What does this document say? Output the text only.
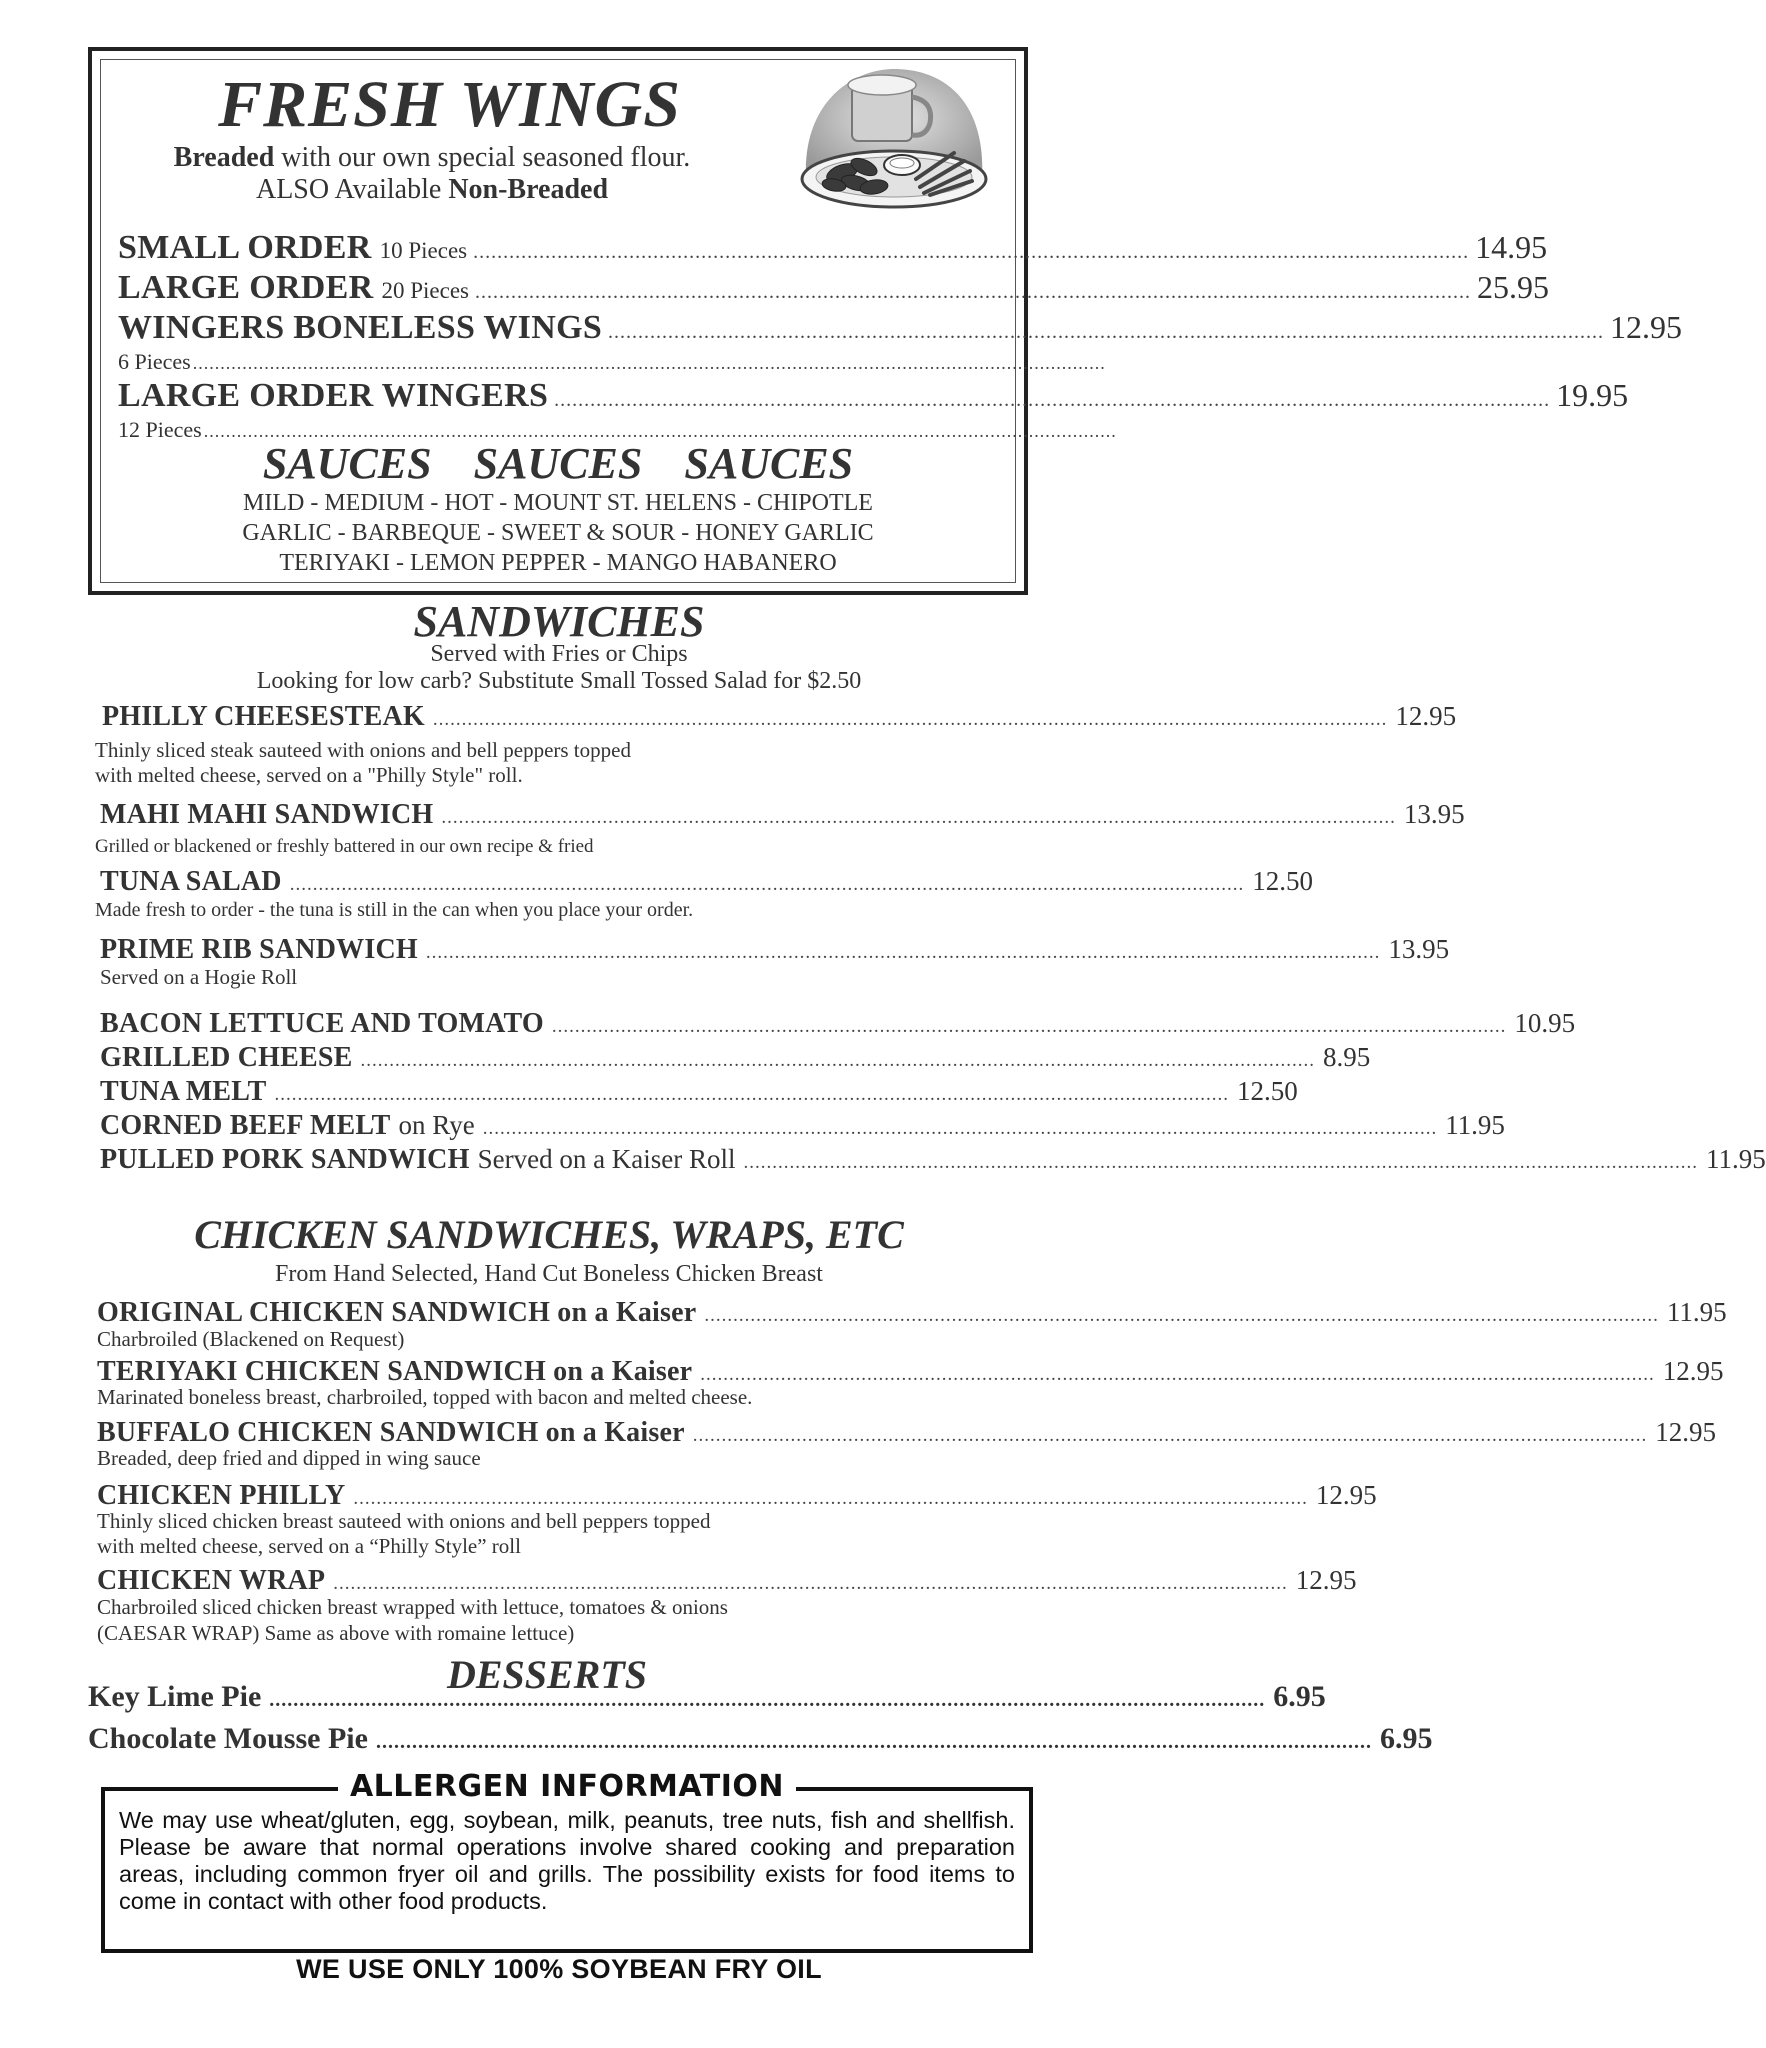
FRESH WINGS
Breaded with our own special seasoned flour.
ALSO Available Non-Breaded
SMALL ORDER 10 Pieces ...................................................................................................................................................................... 14.95
LARGE ORDER 20 Pieces ...................................................................................................................................................................... 25.95
WINGERS BONELESS WINGS ...................................................................................................................................................................... 12.95
6 Pieces ......................................................................................................................................................................
LARGE ORDER WINGERS ...................................................................................................................................................................... 19.95
12 Pieces ......................................................................................................................................................................
SAUCES SAUCES SAUCES
MILD - MEDIUM - HOT - MOUNT ST. HELENS - CHIPOTLE
GARLIC - BARBEQUE - SWEET & SOUR - HONEY GARLIC
TERIYAKI - LEMON PEPPER - MANGO HABANERO
SANDWICHES
Served with Fries or Chips
Looking for low carb? Substitute Small Tossed Salad for $2.50
PHILLY CHEESESTEAK ...................................................................................................................................................................... 12.95
Thinly sliced steak sauteed with onions and bell peppers topped
with melted cheese, served on a "Philly Style" roll.
MAHI MAHI SANDWICH ...................................................................................................................................................................... 13.95
Grilled or blackened or freshly battered in our own recipe & fried
TUNA SALAD ...................................................................................................................................................................... 12.50
Made fresh to order - the tuna is still in the can when you place your order.
PRIME RIB SANDWICH ...................................................................................................................................................................... 13.95
Served on a Hogie Roll
BACON LETTUCE AND TOMATO ...................................................................................................................................................................... 10.95
GRILLED CHEESE ...................................................................................................................................................................... 8.95
TUNA MELT ...................................................................................................................................................................... 12.50
CORNED BEEF MELT on Rye ...................................................................................................................................................................... 11.95
PULLED PORK SANDWICH Served on a Kaiser Roll ...................................................................................................................................................................... 11.95
CHICKEN SANDWICHES, WRAPS, ETC
From Hand Selected, Hand Cut Boneless Chicken Breast
ORIGINAL CHICKEN SANDWICH on a Kaiser ...................................................................................................................................................................... 11.95
Charbroiled (Blackened on Request)
TERIYAKI CHICKEN SANDWICH on a Kaiser ...................................................................................................................................................................... 12.95
Marinated boneless breast, charbroiled, topped with bacon and melted cheese.
BUFFALO CHICKEN SANDWICH on a Kaiser ...................................................................................................................................................................... 12.95
Breaded, deep fried and dipped in wing sauce
CHICKEN PHILLY ...................................................................................................................................................................... 12.95
Thinly sliced chicken breast sauteed with onions and bell peppers topped
with melted cheese, served on a “Philly Style” roll
CHICKEN WRAP ...................................................................................................................................................................... 12.95
Charbroiled sliced chicken breast wrapped with lettuce, tomatoes & onions
(CAESAR WRAP) Same as above with romaine lettuce)
DESSERTS
Key Lime Pie ...................................................................................................................................................................... 6.95
Chocolate Mousse Pie ...................................................................................................................................................................... 6.95
ALLERGEN INFORMATION
We may use wheat/gluten, egg, soybean, milk, peanuts, tree nuts, fish and shellfish. Please be aware that normal operations involve shared cooking and preparation areas, including common fryer oil and grills. The possibility exists for food items to come in contact with other food products.
WE USE ONLY 100% SOYBEAN FRY OIL
